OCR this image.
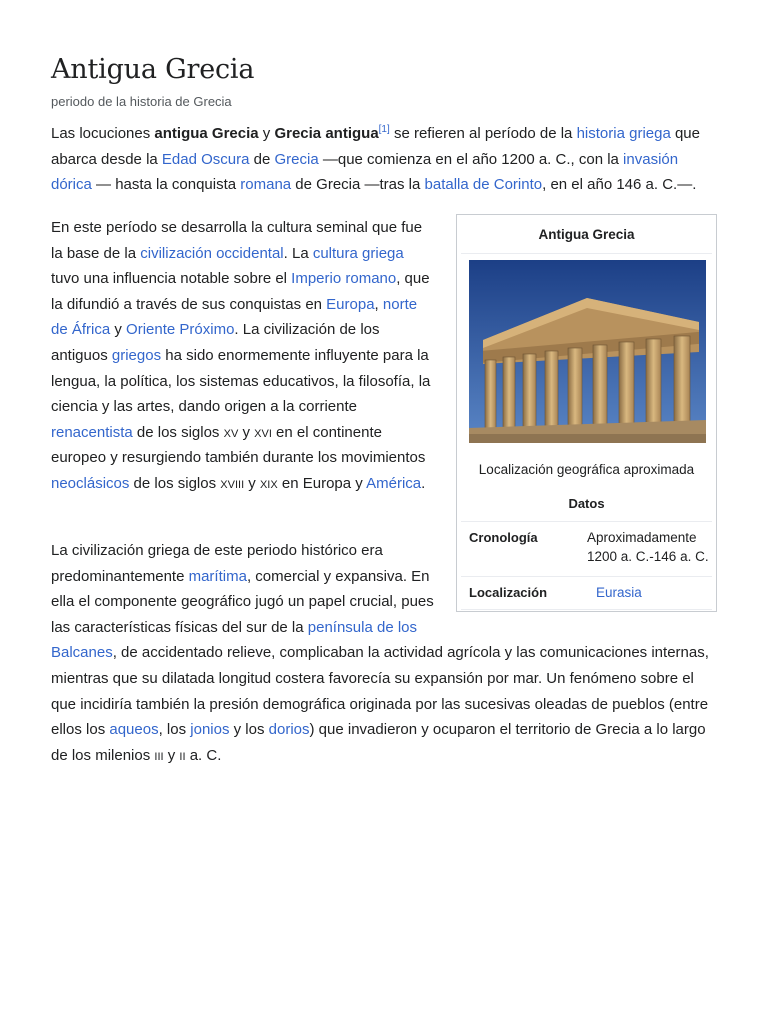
Antigua Grecia
periodo de la historia de Grecia

Las locuciones antigua Grecia y Grecia antigua[1] se refieren al período de la historia griega que abarca desde la Edad Oscura de Grecia —que comienza en el año 1200 a. C., con la invasión dórica — hasta la conquista romana de Grecia —tras la batalla de Corinto, en el año 146 a. C.—.

En este período se desarrolla la cultura seminal que fue la base de la civilización occidental. La cultura griega tuvo una influencia notable sobre el Imperio romano, que la difundió a través de sus conquistas en Europa, norte de África y Oriente Próximo. La civilización de los antiguos griegos ha sido enormemente influyente para la lengua, la política, los sistemas educativos, la filosofía, la ciencia y las artes, dando origen a la corriente renacentista de los siglos xv y xvi en el continente europeo y resurgiendo también durante los movimientos neoclásicos de los siglos xviii y xix en Europa y América.

La civilización griega de este periodo histórico era predominantemente marítima, comercial y expansiva. En ella el componente geográfico jugó un papel crucial, pues las características físicas del sur de la península de los Balcanes, de accidentado relieve, complicaban la actividad agrícola y las comunicaciones internas, mientras que su dilatada longitud costera favorecía su expansión por mar. Un fenómeno sobre el que incidiría también la presión demográfica originada por las sucesivas oleadas de pueblos (entre ellos los aqueos, los jonios y los dorios) que invadieron y ocuparon el territorio de Grecia a lo largo de los milenios iii y ii a. C.

Antigua Grecia
Localización geográfica aproximada
Datos
Cronología	Aproximadamente
1200 a. C.-146 a. C.
Localización	Eurasia
